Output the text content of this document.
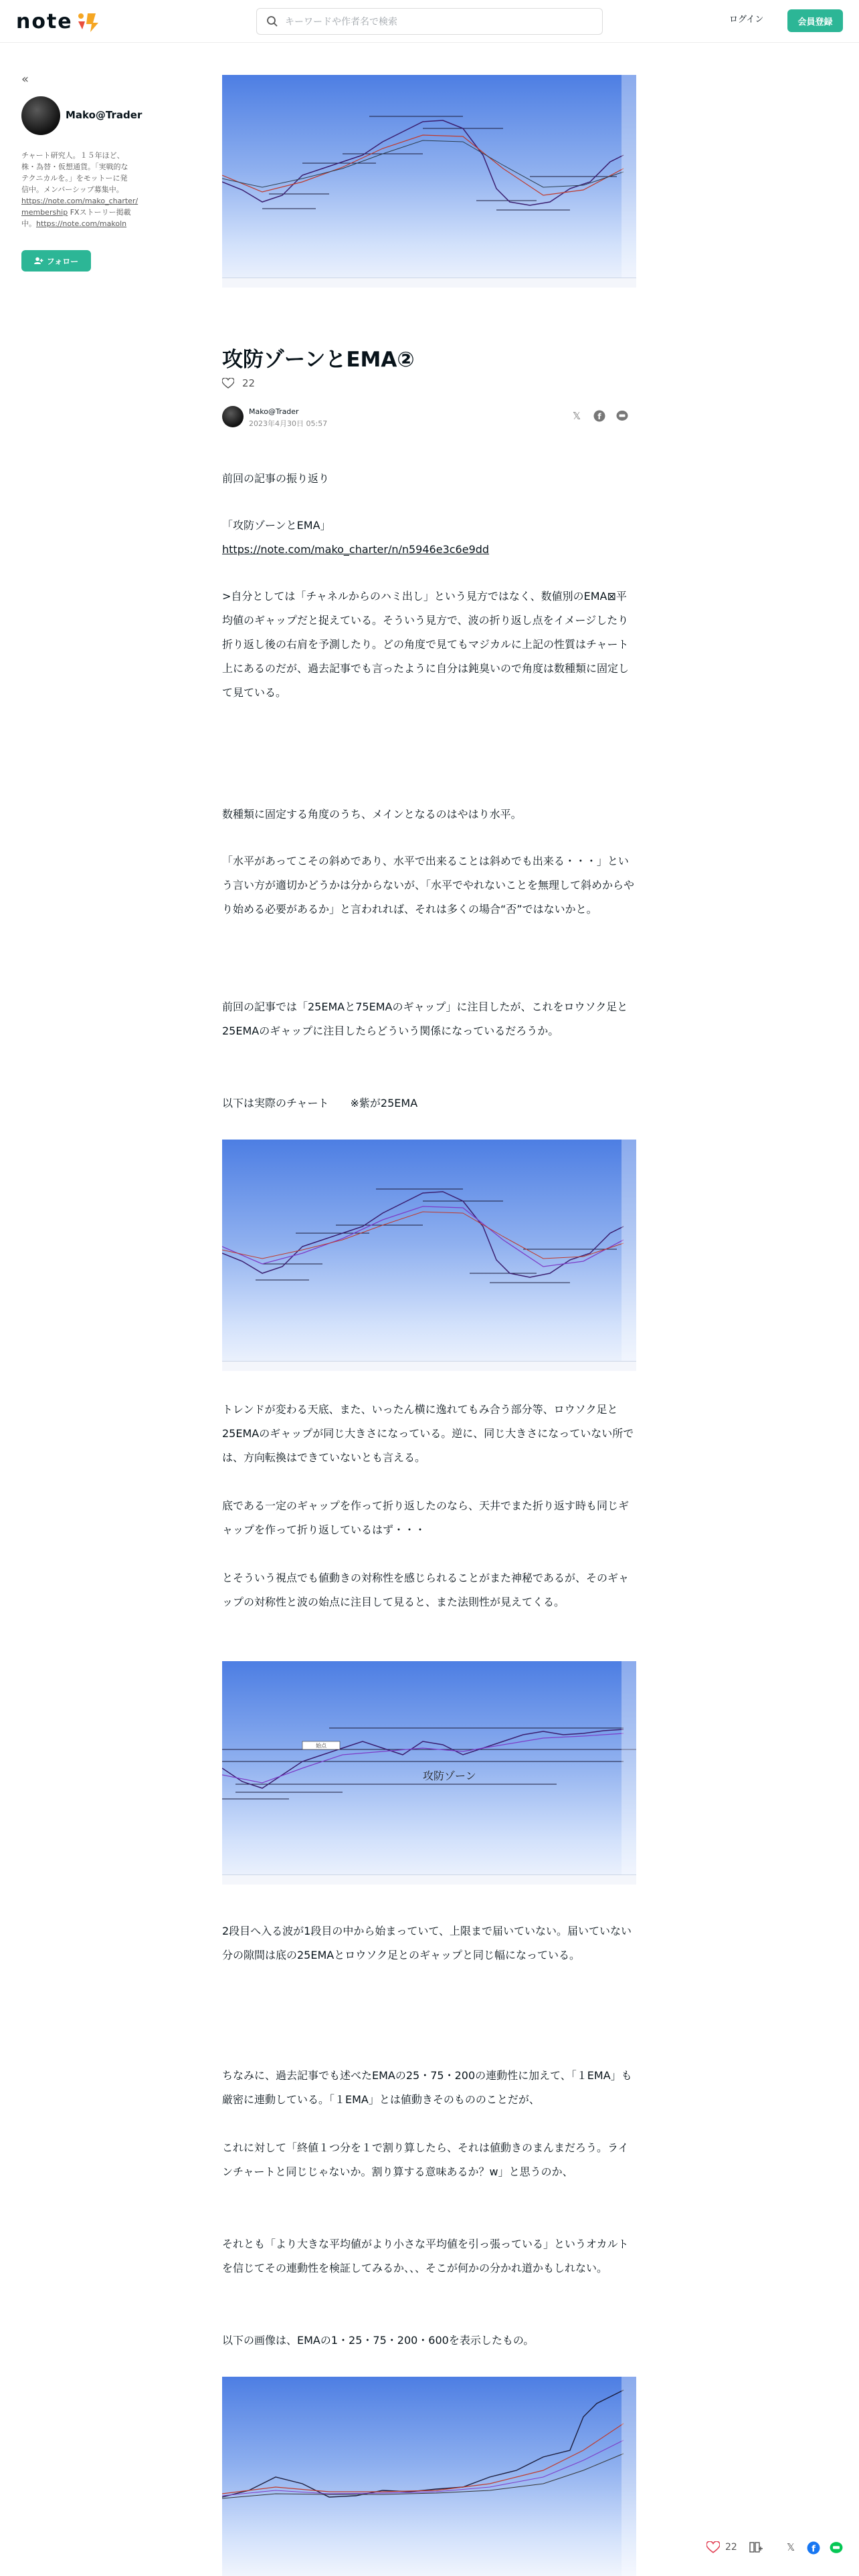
note
キーワードや作者名で検索	ログイン	会員登録
«
Mako@Trader
チャート研究人。１５年ほど、
株・為替・仮想通貨。「実戦的な
テクニカルを。」をモットーに発
信中。メンバーシップ募集中。
https://note.com/mako_charter/
membership FXストーリー掲載
中。https://note.com/makoln
フォロー
攻防ゾーンとEMA②
22
Mako@Trader
2023年4月30日 05:57
𝕏	f

前回の記事の振り返り

「攻防ゾーンとEMA」

https://note.com/mako_charter/n/n5946e3c6e9dd

>自分としては「チャネルからのハミ出し」という見方ではなく、数値別のEMA⊠平均値のギャップだと捉えている。そういう見方で、波の折り返し点をイメージしたり折り返し後の右肩を予測したり。どの角度で見てもマジカルに上記の性質はチャート上にあるのだが、過去記事でも言ったように自分は鈍臭いので角度は数種類に固定して見ている。

数種類に固定する角度のうち、メインとなるのはやはり水平。

「水平があってこその斜めであり、水平で出来ることは斜めでも出来る・・・」という言い方が適切かどうかは分からないが、「水平でやれないことを無理して斜めからやり始める必要があるか」と言われれば、それは多くの場合“否”ではないかと。

前回の記事では「25EMAと75EMAのギャップ」に注目したが、これをロウソク足と25EMAのギャップに注目したらどういう関係になっているだろうか。

以下は実際のチャート　　※紫が25EMA

トレンドが変わる天底、また、いったん横に逸れてもみ合う部分等、ロウソク足と25EMAのギャップが同じ大きさになっている。逆に、同じ大きさになっていない所では、方向転換はできていないとも言える。

底である一定のギャップを作って折り返したのなら、天井でまた折り返す時も同じギャップを作って折り返しているはず・・・

とそういう視点でも値動きの対称性を感じられることがまた神秘であるが、そのギャップの対称性と波の始点に注目して見ると、また法則性が見えてくる。

始点
攻防ゾーン

2段目へ入る波が1段目の中から始まっていて、上限まで届いていない。届いていない分の隙間は底の25EMAとロウソク足とのギャップと同じ幅になっている。

ちなみに、過去記事でも述べたEMAの25・75・200の連動性に加えて、「１EMA」も厳密に連動している。「１EMA」とは値動きそのもののことだが、

これに対して「終値１つ分を１で割り算したら、それは値動きのまんまだろう。ラインチャートと同じじゃないか。割り算する意味あるか？w」と思うのか、

それとも「より大きな平均値がより小さな平均値を引っ張っている」というオカルトを信じてその連動性を検証してみるか、、、そこが何かの分かれ道かもしれない。

以下の画像は、EMAの1・25・75・200・600を表示したもの。

22	𝕏 f
